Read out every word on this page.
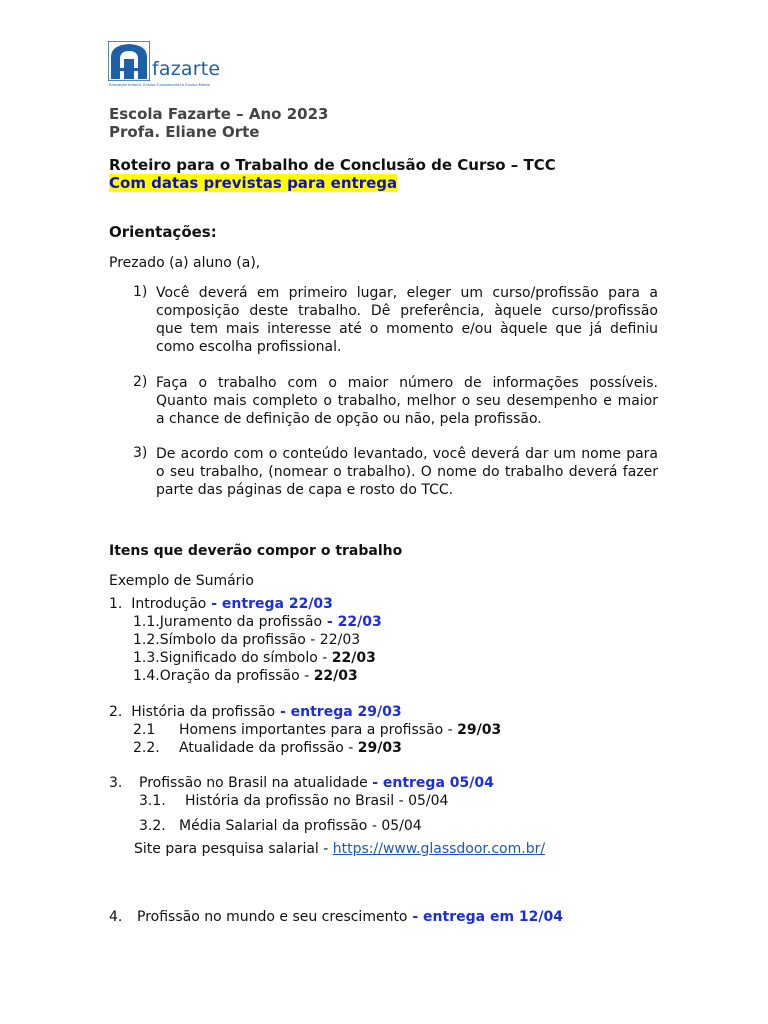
fazarte
Educação Infantil, Ensino Fundamental e Ensino Médio
Escola Fazarte – Ano 2023
Profa. Eliane Orte
Roteiro para o Trabalho de Conclusão de Curso – TCC
Com datas previstas para entrega
Orientações:
Prezado (a) aluno (a),
1) Você deverá em primeiro lugar, eleger um curso/profissão para a
composição deste trabalho. Dê preferência, àquele curso/profissão
que tem mais interesse até o momento e/ou àquele que já definiu
como escolha profissional.
2) Faça o trabalho com o maior número de informações possíveis.
Quanto mais completo o trabalho, melhor o seu desempenho e maior
a chance de definição de opção ou não, pela profissão.
3) De acordo com o conteúdo levantado, você deverá dar um nome para
o seu trabalho, (nomear o trabalho). O nome do trabalho deverá fazer
parte das páginas de capa e rosto do TCC.
Itens que deverão compor o trabalho
Exemplo de Sumário
1. Introdução - entrega 22/03
1.1.Juramento da profissão - 22/03
1.2.Símbolo da profissão - 22/03
1.3.Significado do símbolo - 22/03
1.4.Oração da profissão - 22/03
2. História da profissão - entrega 29/03
2.1 Homens importantes para a profissão - 29/03
2.2. Atualidade da profissão - 29/03
3. Profissão no Brasil na atualidade - entrega 05/04
3.1. História da profissão no Brasil - 05/04
3.2. Média Salarial da profissão - 05/04
Site para pesquisa salarial - https://www.glassdoor.com.br/
4. Profissão no mundo e seu crescimento - entrega em 12/04
